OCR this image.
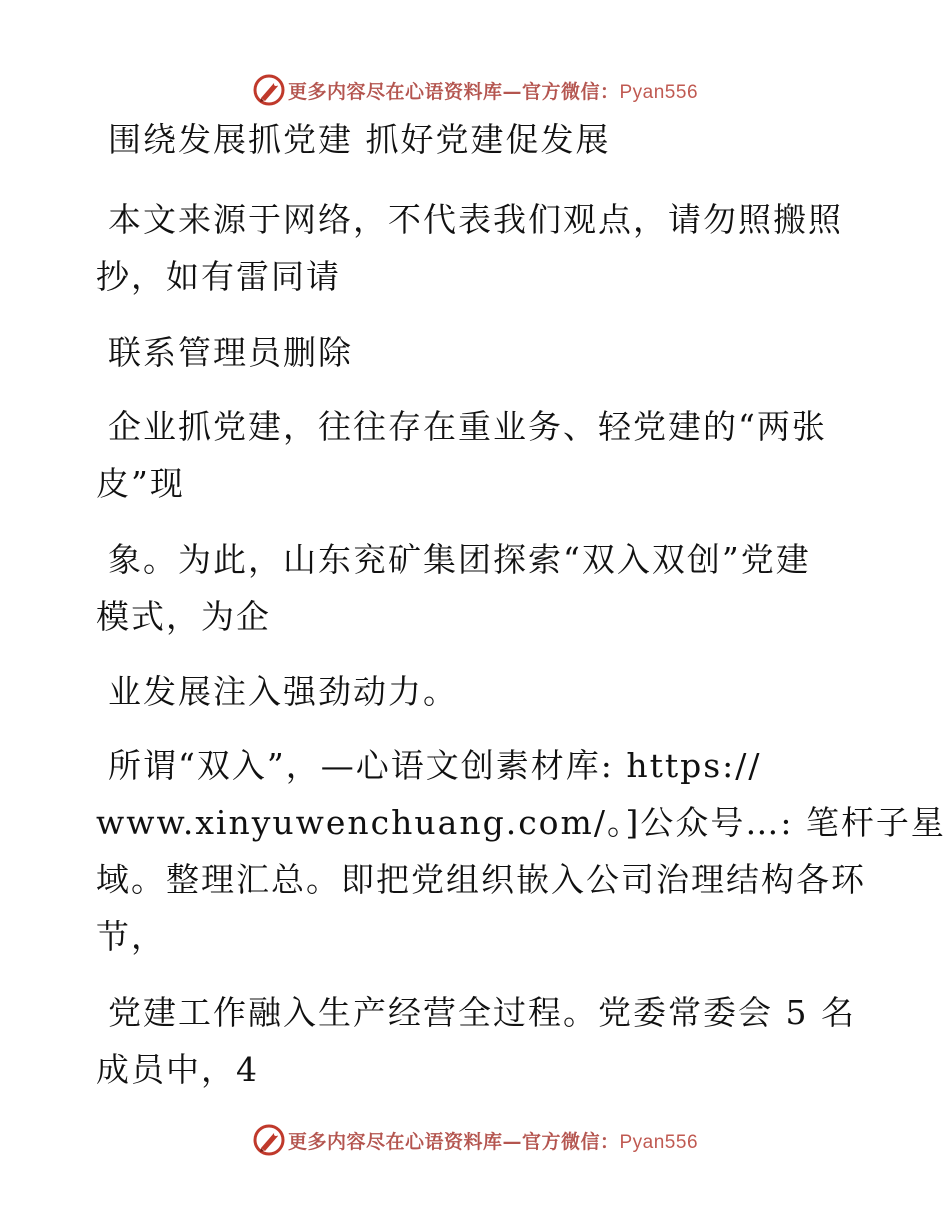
更多内容尽在心语资料库—官方微信：Pyan556
围绕发展抓党建 抓好党建促发展
本文来源于网络，不代表我们观点，请勿照搬照
抄，如有雷同请
联系管理员删除
企业抓党建，往往存在重业务、轻党建的“两张
皮”现
象。为此，山东兖矿集团探索“双入双创”党建
模式，为企
业发展注入强劲动力。
所谓“双入”，—心语文创素材库: https://
www.xinyuwenchuang.com/。]公众号…: 笔杆子星
域。整理汇总。即把党组织嵌入公司治理结构各环
节，
党建工作融入生产经营全过程。党委常委会 5 名
成员中，4
更多内容尽在心语资料库—官方微信：Pyan556
